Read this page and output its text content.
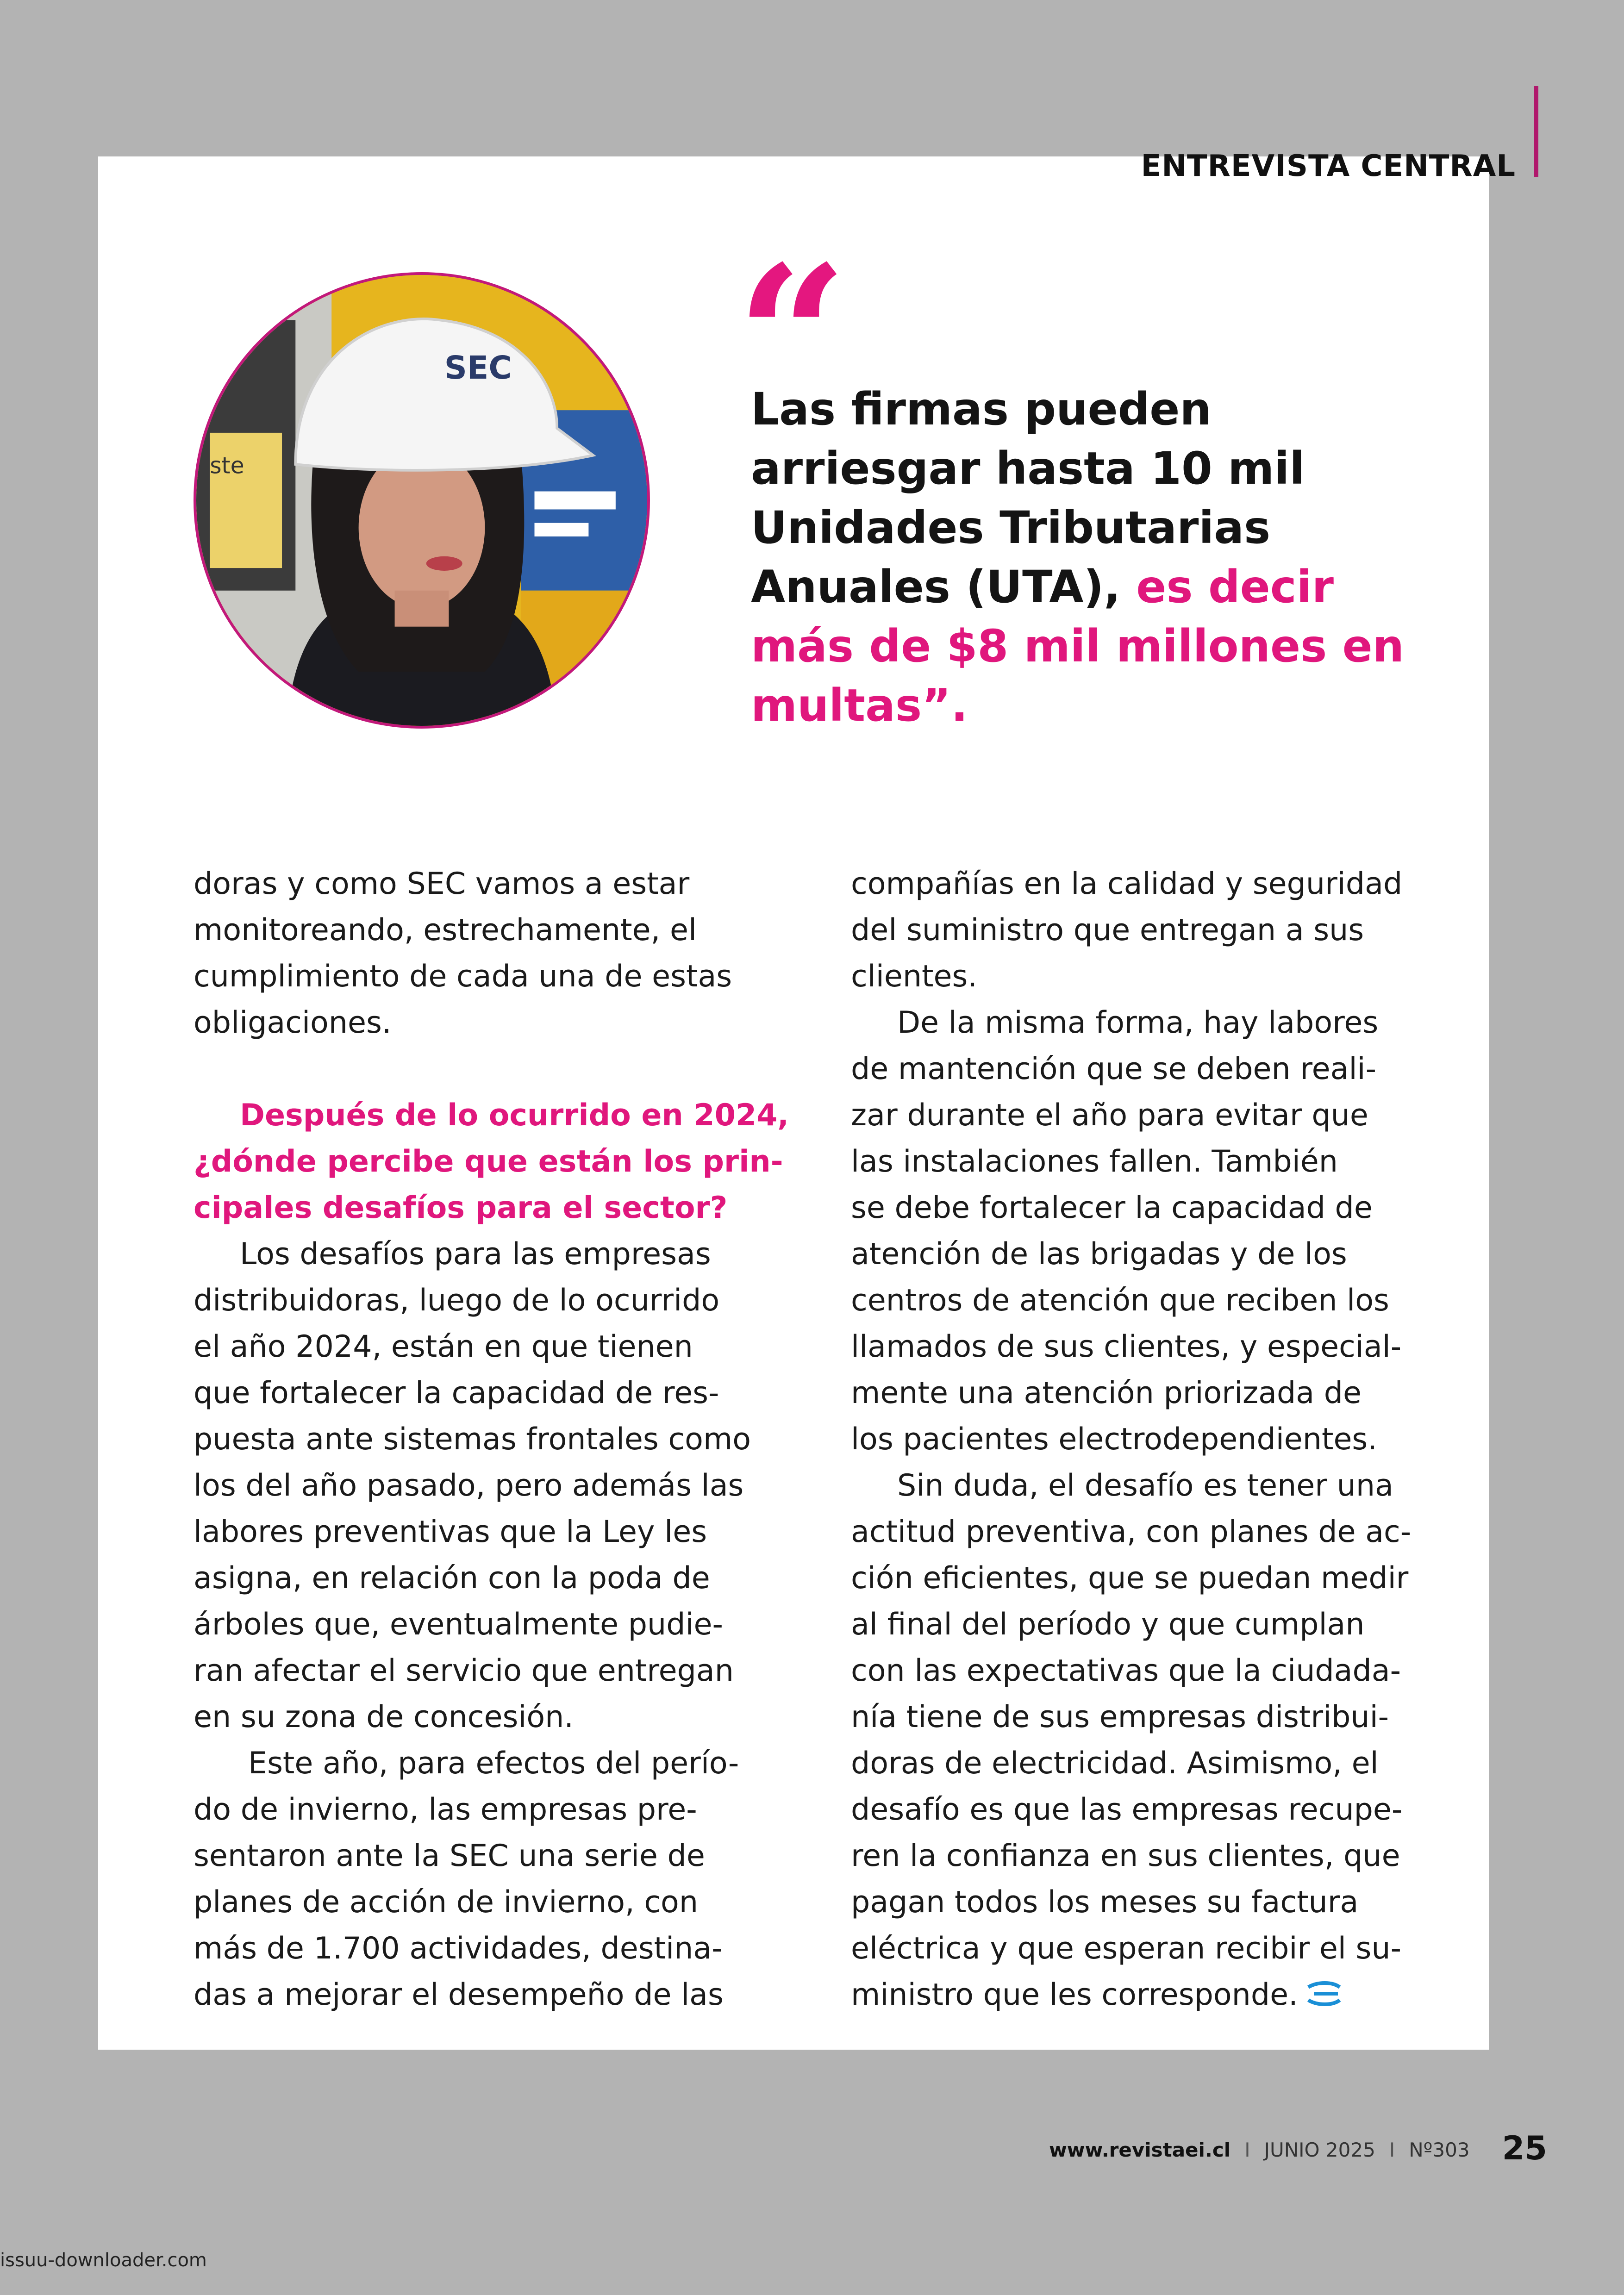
ENTREVISTA CENTRAL
ste
SEC “
Las firmas pueden
arriesgar hasta 10 mil
Unidades Tributarias
Anuales (UTA), es decir
más de $8 mil millones en
multas”.

doras y como SEC vamos a estar
monitoreando, estrechamente, el
cumplimiento de cada una de estas
obligaciones.

Después de lo ocurrido en 2024,
¿dónde percibe que están los prin-
cipales desafíos para el sector?

Los desafíos para las empresas
distribuidoras, luego de lo ocurrido
el año 2024, están en que tienen
que fortalecer la capacidad de res-
puesta ante sistemas frontales como
los del año pasado, pero además las
labores preventivas que la Ley les
asigna, en relación con la poda de
árboles que, eventualmente pudie-
ran afectar el servicio que entregan
en su zona de concesión.

Este año, para efectos del perío-
do de invierno, las empresas pre-
sentaron ante la SEC una serie de
planes de acción de invierno, con
más de 1.700 actividades, destina-
das a mejorar el desempeño de las

compañías en la calidad y seguridad
del suministro que entregan a sus
clientes.

De la misma forma, hay labores
de mantención que se deben reali-
zar durante el año para evitar que
las instalaciones fallen. También
se debe fortalecer la capacidad de
atención de las brigadas y de los
centros de atención que reciben los
llamados de sus clientes, y especial-
mente una atención priorizada de
los pacientes electrodependientes.

Sin duda, el desafío es tener una
actitud preventiva, con planes de ac-
ción eficientes, que se puedan medir
al final del período y que cumplan
con las expectativas que la ciudada-
nía tiene de sus empresas distribui-
doras de electricidad. Asimismo, el
desafío es que las empresas recupe-
ren la confianza en sus clientes, que
pagan todos los meses su factura
eléctrica y que esperan recibir el su-
ministro que les corresponde.

www.revistaei.cl I JUNIO 2025 I Nº303 25
issuu-downloader.com
